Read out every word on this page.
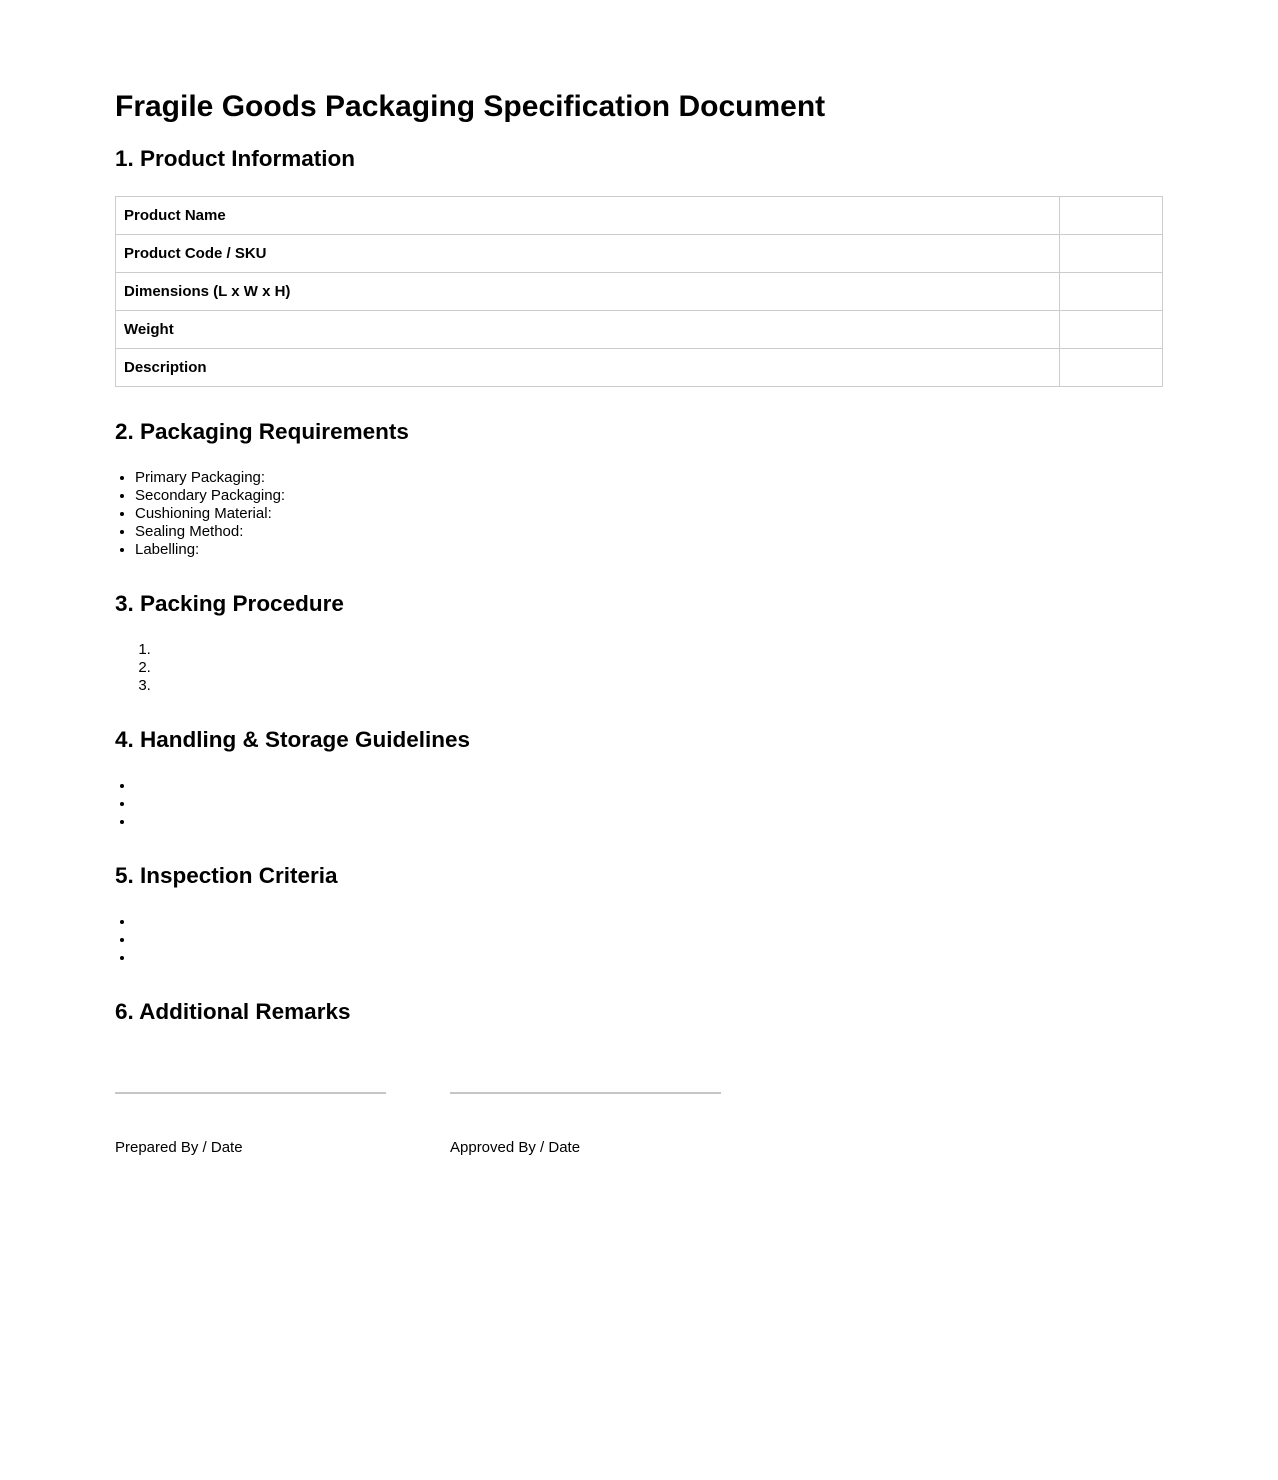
Fragile Goods Packaging Specification Document
1. Product Information
Product Name	
Product Code / SKU	
Dimensions (L x W x H)	
Weight	
Description	
2. Packaging Requirements
• Primary Packaging: ​
• Secondary Packaging: ​
• Cushioning Material: ​
• Sealing Method: ​
• Labelling: ​
3. Packing Procedure
1. ​
2. ​
3. ​
4. Handling & Storage Guidelines
• ​
• ​
• ​
5. Inspection Criteria
• ​
• ​
• ​
6. Additional Remarks

Prepared By / Date	Approved By / Date
